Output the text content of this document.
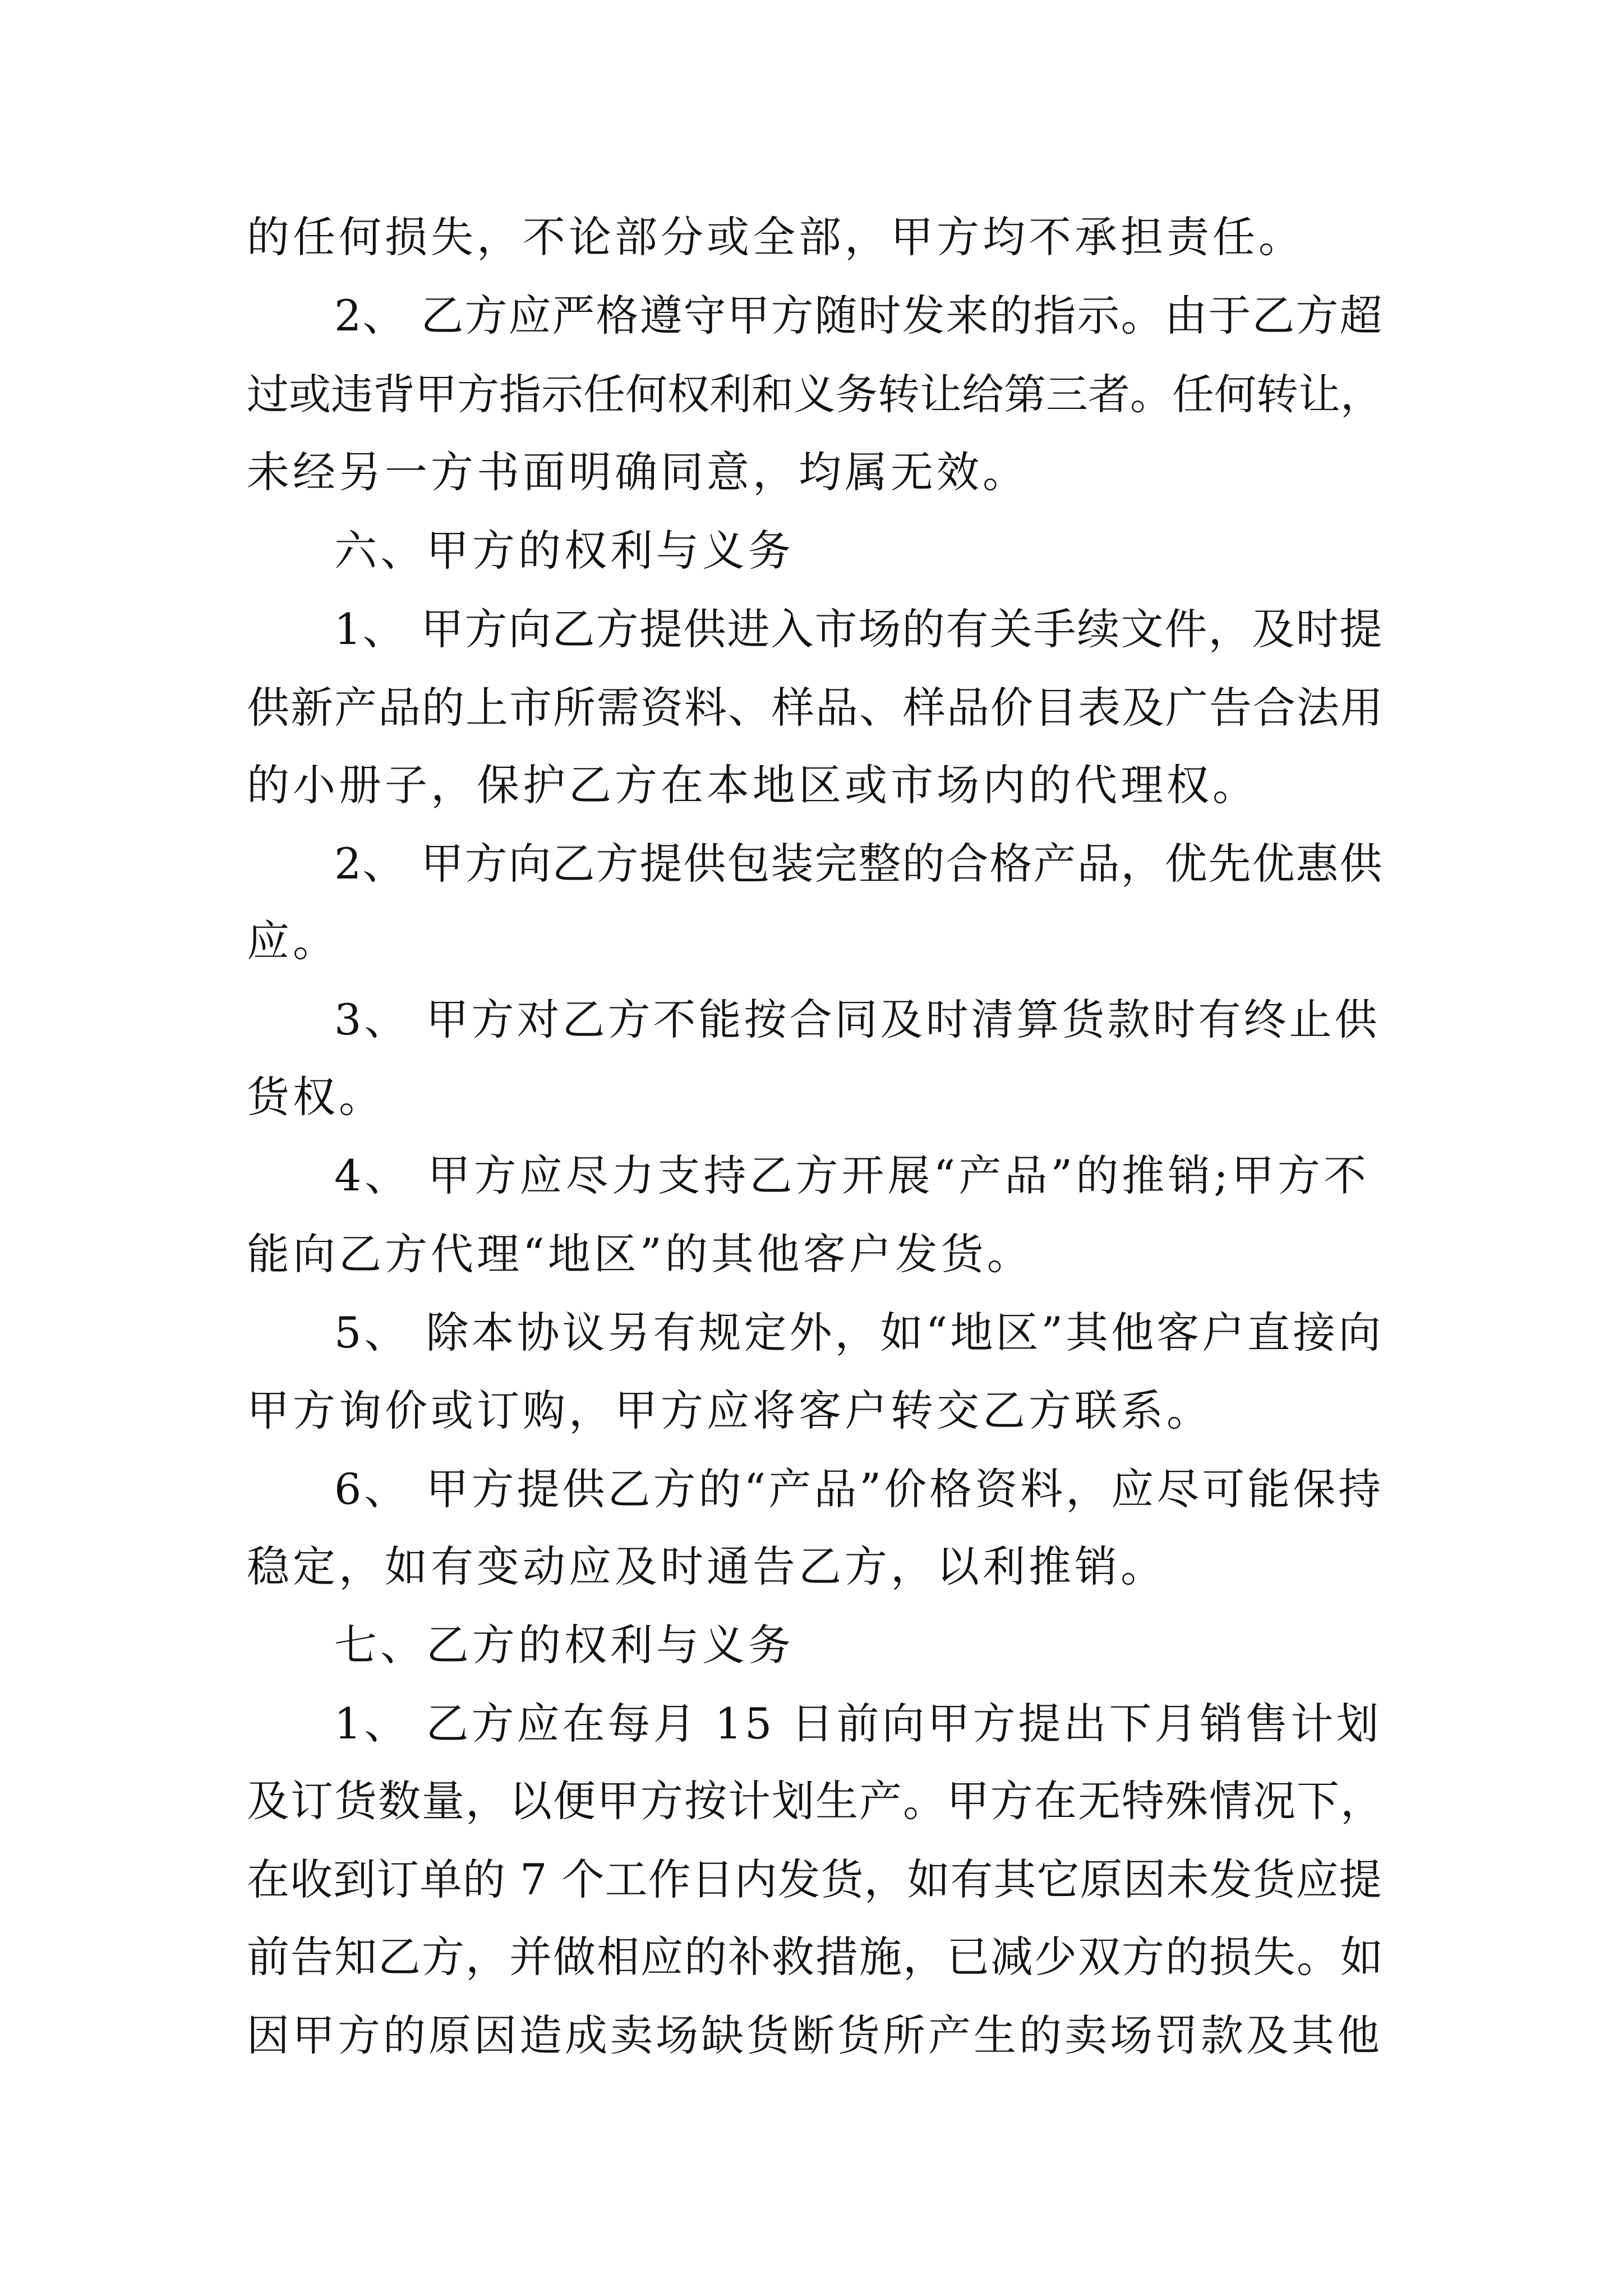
的任何损失，不论部分或全部，甲方均不承担责任。
2、 乙方应严格遵守甲方随时发来的指示。由于乙方超
过或违背甲方指示任何权利和义务转让给第三者。任何转让，
未经另一方书面明确同意，均属无效。
六、甲方的权利与义务
1、 甲方向乙方提供进入市场的有关手续文件，及时提
供新产品的上市所需资料、样品、样品价目表及广告合法用
的小册子，保护乙方在本地区或市场内的代理权。
2、 甲方向乙方提供包装完整的合格产品，优先优惠供
应。
3、 甲方对乙方不能按合同及时清算货款时有终止供
货权。
4、 甲方应尽力支持乙方开展“产品”的推销;甲方不
能向乙方代理“地区”的其他客户发货。
5、 除本协议另有规定外，如“地区”其他客户直接向
甲方询价或订购，甲方应将客户转交乙方联系。
6、 甲方提供乙方的“产品”价格资料，应尽可能保持
稳定，如有变动应及时通告乙方，以利推销。
七、乙方的权利与义务
1、 乙方应在每月 15 日前向甲方提出下月销售计划
及订货数量，以便甲方按计划生产。甲方在无特殊情况下，
在收到订单的 7 个工作日内发货，如有其它原因未发货应提
前告知乙方，并做相应的补救措施，已减少双方的损失。如
因甲方的原因造成卖场缺货断货所产生的卖场罚款及其他
